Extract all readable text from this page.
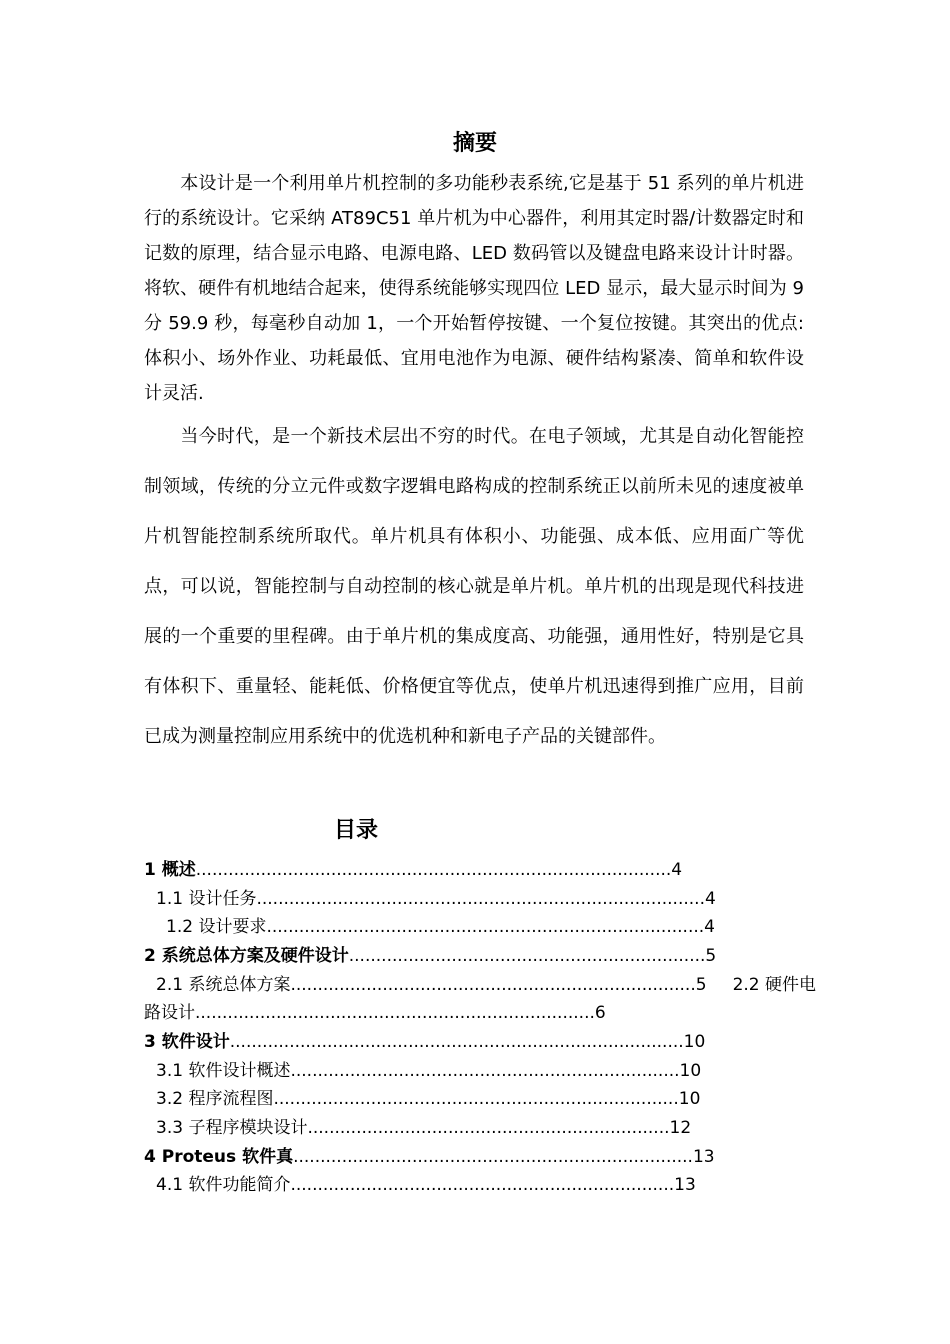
摘要

本设计是一个利用单片机控制的多功能秒表系统,它是基于 51 系列的单片机进行的系统设计。它采纳 AT89C51 单片机为中心器件，利用其定时器/计数器定时和记数的原理，结合显示电路、电源电路、LED 数码管以及键盘电路来设计计时器。将软、硬件有机地结合起来，使得系统能够实现四位 LED 显示，最大显示时间为 9 分 59.9 秒，每毫秒自动加 1，一个开始暂停按键、一个复位按键。其突出的优点:体积小、场外作业、功耗最低、宜用电池作为电源、硬件结构紧凑、简单和软件设计灵活.

当今时代，是一个新技术层出不穷的时代。在电子领域，尤其是自动化智能控制领域，传统的分立元件或数字逻辑电路构成的控制系统正以前所未见的速度被单片机智能控制系统所取代。单片机具有体积小、功能强、成本低、应用面广等优点，可以说，智能控制与自动控制的核心就是单片机。单片机的出现是现代科技进展的一个重要的里程碑。由于单片机的集成度高、功能强，通用性好，特别是它具有体积下、重量轻、能耗低、价格便宜等优点，使单片机迅速得到推广应用，目前已成为测量控制应用系统中的优选机种和新电子产品的关键部件。

目录
1 概述........................................................................................4
1.1 设计任务...................................................................................4
1.2 设计要求.................................................................................4
2 系统总体方案及硬件设计..................................................................5
2.1 系统总体方案...........................................................................5 2.2 硬件电
路设计..........................................................................6
3 软件设计....................................................................................10
3.1 软件设计概述........................................................................10
3.2 程序流程图...........................................................................10
3.3 子程序模块设计...................................................................12
4 Proteus 软件真..........................................................................13
4.1 软件功能简介.......................................................................13
